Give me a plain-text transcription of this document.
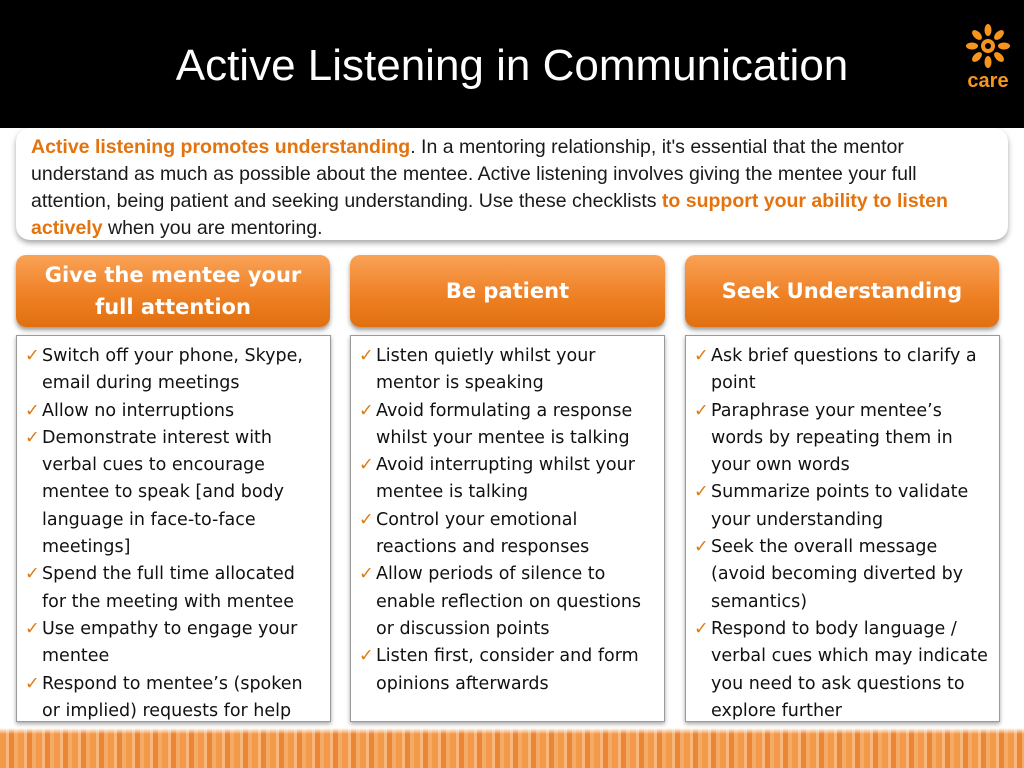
Active Listening in Communication	care
Active listening promotes understanding. In a mentoring relationship, it's essential that the mentor understand as much as possible about the mentee. Active listening involves giving the mentee your full attention, being patient and seeking understanding. Use these checklists to support your ability to listen actively when you are mentoring.
Give the mentee your full attention
Be patient	Seek Understanding
✓ Switch off your phone, Skype, email during meetings
✓ Allow no interruptions
✓ Demonstrate interest with verbal cues to encourage mentee to speak [and body language in face-to-face meetings]
✓ Spend the full time allocated for the meeting with mentee
✓ Use empathy to engage your mentee
✓ Respond to mentee’s (spoken or implied) requests for help
✓ Listen quietly whilst your mentor is speaking
✓ Avoid formulating a response whilst your mentee is talking
✓ Avoid interrupting whilst your mentee is talking
✓ Control your emotional reactions and responses
✓ Allow periods of silence to enable reflection on questions or discussion points
✓ Listen first, consider and form opinions afterwards
✓ Ask brief questions to clarify a point
✓ Paraphrase your mentee’s words by repeating them in your own words
✓ Summarize points to validate your understanding
✓ Seek the overall message (avoid becoming diverted by semantics)
✓ Respond to body language / verbal cues which may indicate you need to ask questions to explore further
